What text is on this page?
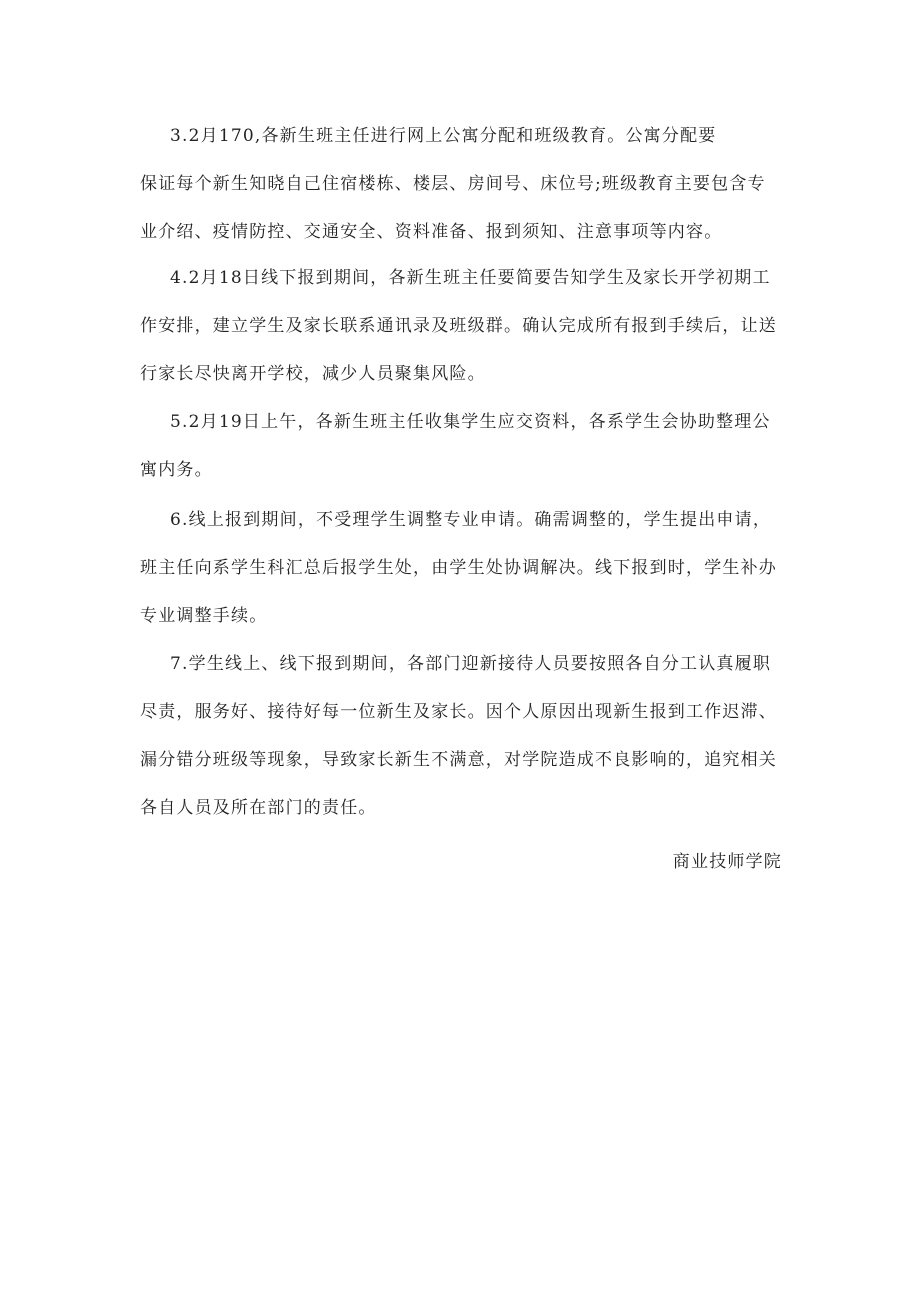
3.2月170,各新生班主任进行网上公寓分配和班级教育。公寓分配要
保证每个新生知晓自己住宿楼栋、楼层、房间号、床位号;班级教育主要包含专
业介绍、疫情防控、交通安全、资料准备、报到须知、注意事项等内容。
4.2月18日线下报到期间，各新生班主任要简要告知学生及家长开学初期工
作安排，建立学生及家长联系通讯录及班级群。确认完成所有报到手续后，让送
行家长尽快离开学校，减少人员聚集风险。
5.2月19日上午，各新生班主任收集学生应交资料，各系学生会协助整理公
寓内务。
6.线上报到期间，不受理学生调整专业申请。确需调整的，学生提出申请，
班主任向系学生科汇总后报学生处，由学生处协调解决。线下报到时，学生补办
专业调整手续。
7.学生线上、线下报到期间，各部门迎新接待人员要按照各自分工认真履职
尽责，服务好、接待好每一位新生及家长。因个人原因出现新生报到工作迟滞、
漏分错分班级等现象，导致家长新生不满意，对学院造成不良影响的，追究相关
各自人员及所在部门的责任。
商业技师学院
